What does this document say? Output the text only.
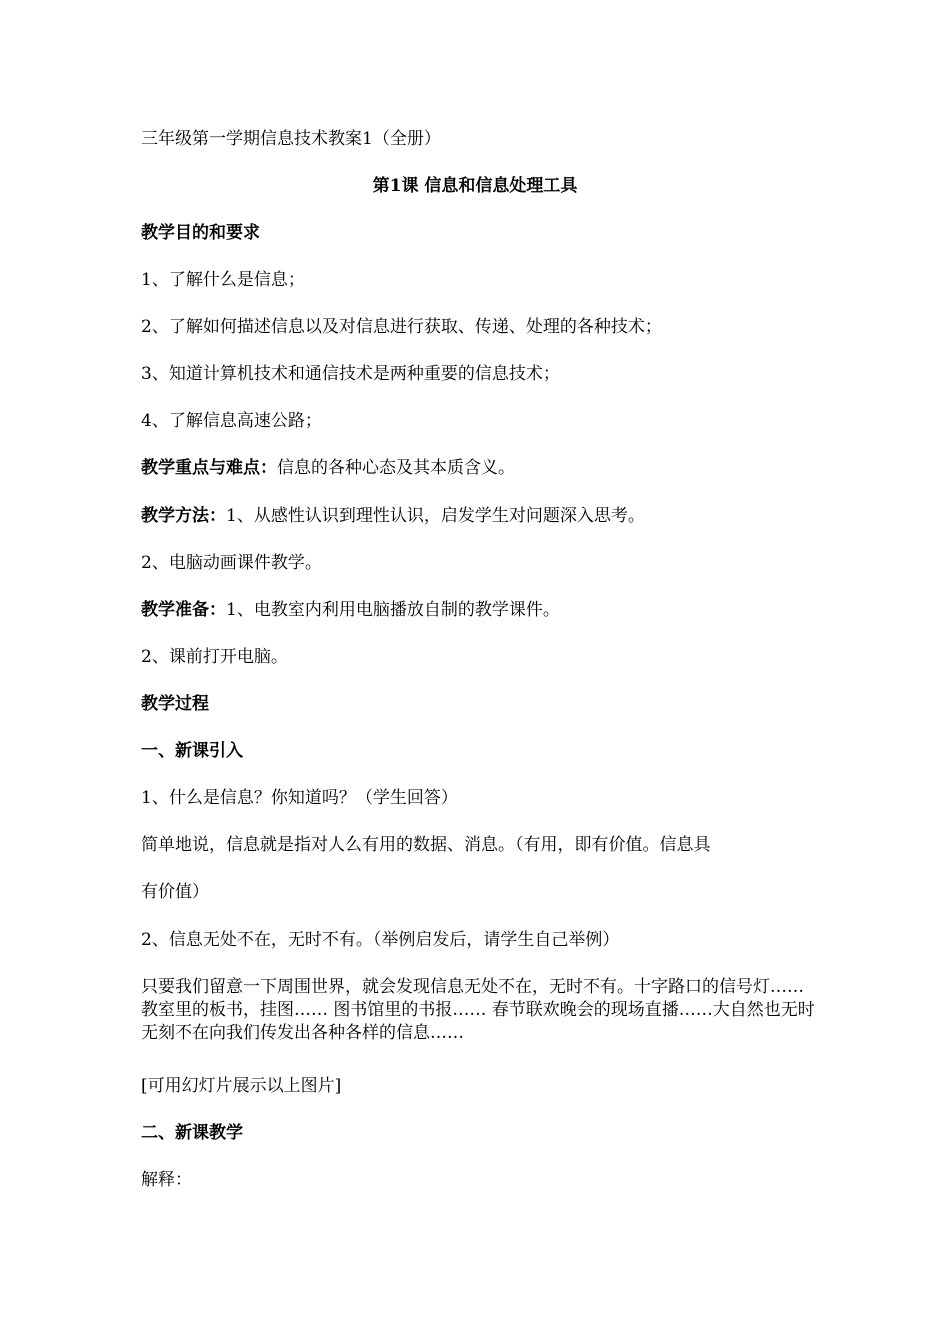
三年级第一学期信息技术教案1（全册）
第1课 信息和信息处理工具
教学目的和要求
1、了解什么是信息；
2、了解如何描述信息以及对信息进行获取、传递、处理的各种技术；
3、知道计算机技术和通信技术是两种重要的信息技术；
4、了解信息高速公路；
教学重点与难点：信息的各种心态及其本质含义。
教学方法：1、从感性认识到理性认识，启发学生对问题深入思考。
2、电脑动画课件教学。
教学准备：1、电教室内利用电脑播放自制的教学课件。
2、课前打开电脑。
教学过程
一、新课引入
1、什么是信息？你知道吗？（学生回答）
简单地说，信息就是指对人么有用的数据、消息。（有用，即有价值。信息具
有价值）
2、信息无处不在，无时不有。（举例启发后，请学生自己举例）
只要我们留意一下周围世界，就会发现信息无处不在，无时不有。十字路口的信号灯…… 教室里的板书，挂图…… 图书馆里的书报…… 春节联欢晚会的现场直播……大自然也无时无刻不在向我们传发出各种各样的信息……
[可用幻灯片展示以上图片]
二、新课教学
解释：
